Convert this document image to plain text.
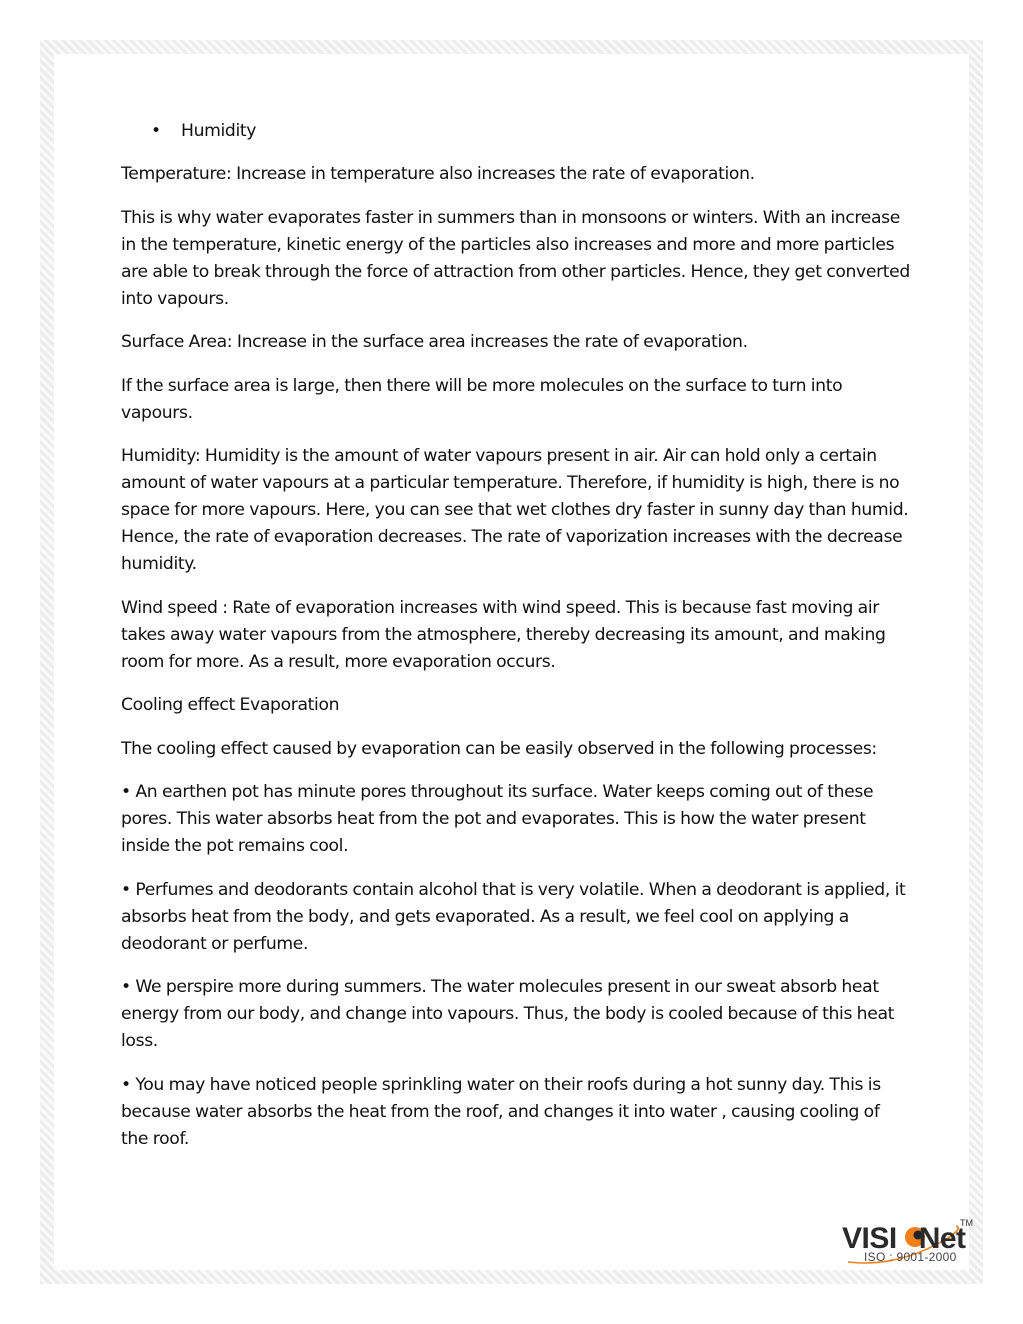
• Humidity

Temperature: Increase in temperature also increases the rate of evaporation.

This is why water evaporates faster in summers than in monsoons or winters. With an increase in the temperature, kinetic energy of the particles also increases and more and more particles are able to break through the force of attraction from other particles. Hence, they get converted into vapours.

Surface Area: Increase in the surface area increases the rate of evaporation.

If the surface area is large, then there will be more molecules on the surface to turn into vapours.

Humidity: Humidity is the amount of water vapours present in air. Air can hold only a certain amount of water vapours at a particular temperature. Therefore, if humidity is high, there is no space for more vapours. Here, you can see that wet clothes dry faster in sunny day than humid. Hence, the rate of evaporation decreases. The rate of vaporization increases with the decrease humidity.

Wind speed : Rate of evaporation increases with wind speed. This is because fast moving air takes away water vapours from the atmosphere, thereby decreasing its amount, and making room for more. As a result, more evaporation occurs.

Cooling effect Evaporation

The cooling effect caused by evaporation can be easily observed in the following processes:

• An earthen pot has minute pores throughout its surface. Water keeps coming out of these pores. This water absorbs heat from the pot and evaporates. This is how the water present inside the pot remains cool.

• Perfumes and deodorants contain alcohol that is very volatile. When a deodorant is applied, it absorbs heat from the body, and gets evaporated. As a result, we feel cool on applying a deodorant or perfume.

• We perspire more during summers. The water molecules present in our sweat absorb heat energy from our body, and change into vapours. Thus, the body is cooled because of this heat loss.

• You may have noticed people sprinkling water on their roofs during a hot sunny day. This is because water absorbs the heat from the roof, and changes it into water , causing cooling of the roof.

VISI Net
TM
ISO : 9001-2000
